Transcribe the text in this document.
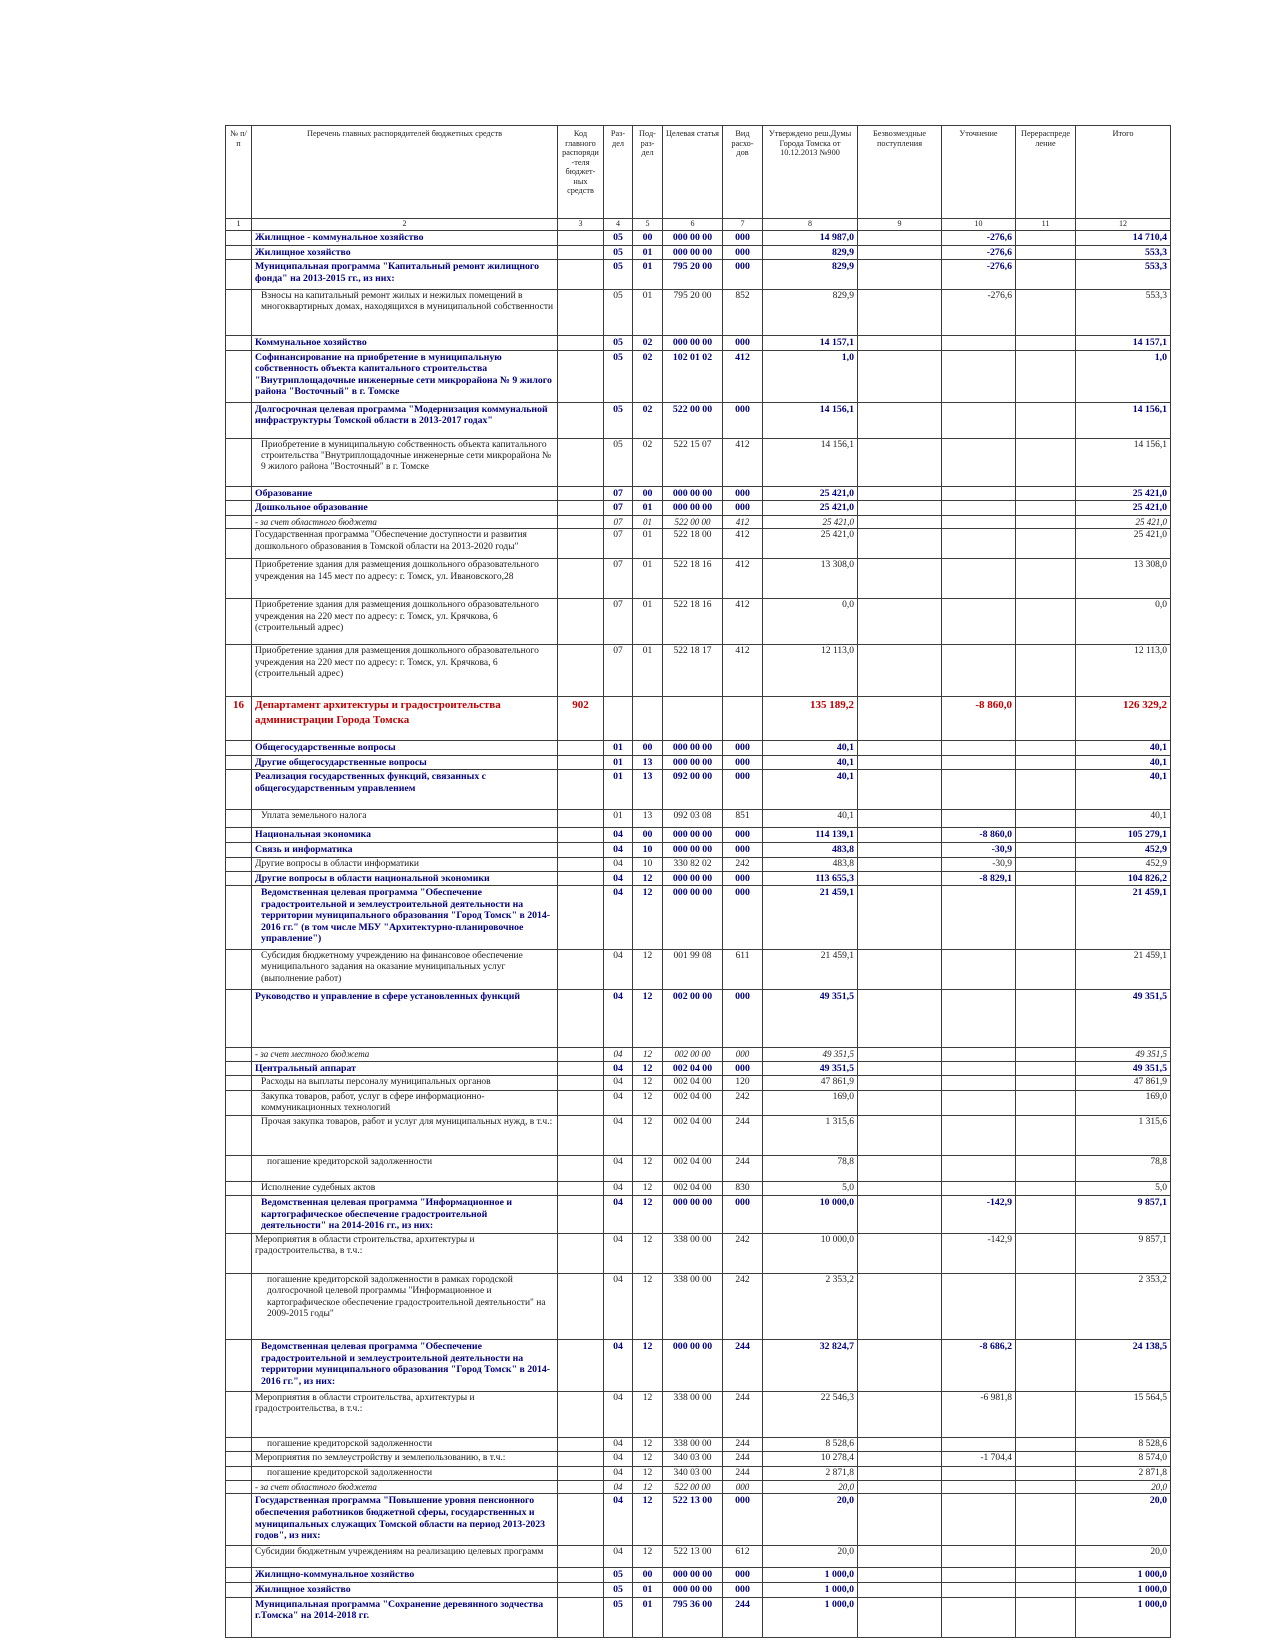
№ п/п	Перечень главных распорядителей бюджетных средств	Код главного распоряди-теля бюджет-ных средств	Раз-дел	Под-раз-дел	Целевая статья	Вид расхо-дов	Утверждено реш.Думы Города Томска от 10.12.2013 №900	Безвозмездные поступления	Уточнение	Перераспределение	Итого
1	2	3	4	5	6	7	8	9	10	11	12
	Жилищное - коммунальное хозяйство		05	00	000 00 00	000	14 987,0		-276,6		14 710,4
	Жилищное хозяйство		05	01	000 00 00	000	829,9		-276,6		553,3
	Муниципальная программа "Капитальный ремонт жилищного фонда" на 2013-2015 гг., из них:		05	01	795 20 00	000	829,9		-276,6		553,3
	Взносы на капитальный ремонт жилых и нежилых помещений в многоквартирных домах, находящихся в муниципальной собственности		05	01	795 20 00	852	829,9		-276,6		553,3
	Коммунальное хозяйство		05	02	000 00 00	000	14 157,1				14 157,1
	Софинансирование на приобретение в муниципальную собственность объекта капитального строительства "Внутриплощадочные инженерные сети микрорайона № 9 жилого района "Восточный" в г. Томске		05	02	102 01 02	412	1,0				1,0
	Долгосрочная целевая программа "Модернизация коммунальной инфраструктуры Томской области в 2013-2017 годах"		05	02	522 00 00	000	14 156,1				14 156,1
	Приобретение в муниципальную собственность объекта капитального строительства "Внутриплощадочные инженерные сети микрорайона № 9 жилого района "Восточный" в г. Томске		05	02	522 15 07	412	14 156,1				14 156,1
	Образование		07	00	000 00 00	000	25 421,0				25 421,0
	Дошкольное образование		07	01	000 00 00	000	25 421,0				25 421,0
	- за счет областного бюджета		07	01	522 00 00	412	25 421,0				25 421,0
	Государственная программа "Обеспечение доступности и развития дошкольного образования в Томской области на 2013-2020 годы"		07	01	522 18 00	412	25 421,0				25 421,0
	Приобретение здания для размещения дошкольного образовательного учреждения на 145 мест по адресу: г. Томск, ул. Ивановского,28		07	01	522 18 16	412	13 308,0				13 308,0
	Приобретение здания для размещения дошкольного образовательного учреждения на 220 мест по адресу: г. Томск, ул. Крячкова, 6 (строительный адрес)		07	01	522 18 16	412	0,0				0,0
	Приобретение здания для размещения дошкольного образовательного учреждения на 220 мест по адресу: г. Томск, ул. Крячкова, 6 (строительный адрес)		07	01	522 18 17	412	12 113,0				12 113,0
16	Департамент архитектуры и градостроительства администрации Города Томска	902					135 189,2		-8 860,0		126 329,2
	Общегосударственные вопросы		01	00	000 00 00	000	40,1				40,1
	Другие общегосударственные вопросы		01	13	000 00 00	000	40,1				40,1
	Реализация государственных функций, связанных с общегосударственным управлением		01	13	092 00 00	000	40,1				40,1
	Уплата земельного налога		01	13	092 03 08	851	40,1				40,1
	Национальная экономика		04	00	000 00 00	000	114 139,1		-8 860,0		105 279,1
	Связь и информатика		04	10	000 00 00	000	483,8		-30,9		452,9
	Другие вопросы в области информатики		04	10	330 82 02	242	483,8		-30,9		452,9
	Другие вопросы в области национальной экономики		04	12	000 00 00	000	113 655,3		-8 829,1		104 826,2
	Ведомственная целевая программа "Обеспечение градостроительной и землеустроительной деятельности на территории муниципального образования "Город Томск" в 2014-2016 гг." (в том числе МБУ "Архитектурно-планировочное управление")		04	12	000 00 00	000	21 459,1				21 459,1
	Субсидия бюджетному учреждению на финансовое обеспечение муниципального задания на оказание муниципальных услуг (выполнение работ)		04	12	001 99 08	611	21 459,1				21 459,1
	Руководство и управление в сфере установленных функций		04	12	002 00 00	000	49 351,5				49 351,5
	- за счет местного бюджета		04	12	002 00 00	000	49 351,5				49 351,5
	Центральный аппарат		04	12	002 04 00	000	49 351,5				49 351,5
	Расходы на выплаты персоналу муниципальных органов		04	12	002 04 00	120	47 861,9				47 861,9
	Закупка товаров, работ, услуг в сфере информационно-коммуникационных технологий		04	12	002 04 00	242	169,0				169,0
	Прочая закупка товаров, работ и услуг для муниципальных нужд, в т.ч.:		04	12	002 04 00	244	1 315,6				1 315,6
	погашение кредиторской задолженности		04	12	002 04 00	244	78,8				78,8
	Исполнение судебных актов		04	12	002 04 00	830	5,0				5,0
	Ведомственная целевая программа "Информационное и картографическое обеспечение градостроительной деятельности" на 2014-2016 гг., из них:		04	12	000 00 00	000	10 000,0		-142,9		9 857,1
	Мероприятия в области строительства, архитектуры и градостроительства, в т.ч.:		04	12	338 00 00	242	10 000,0		-142,9		9 857,1
	погашение кредиторской задолженности в рамках городской долгосрочной целевой программы "Информационное и картографическое обеспечение градостроительной деятельности" на 2009-2015 годы"		04	12	338 00 00	242	2 353,2				2 353,2
	Ведомственная целевая программа "Обеспечение градостроительной и землеустроительной деятельности на территории муниципального образования "Город Томск" в 2014-2016 гг.", из них:		04	12	000 00 00	244	32 824,7		-8 686,2		24 138,5
	Мероприятия в области строительства, архитектуры и градостроительства, в т.ч.:		04	12	338 00 00	244	22 546,3		-6 981,8		15 564,5
	погашение кредиторской задолженности		04	12	338 00 00	244	8 528,6				8 528,6
	Мероприятия по землеустройству и землепользованию, в т.ч.:		04	12	340 03 00	244	10 278,4		-1 704,4		8 574,0
	погашение кредиторской задолженности		04	12	340 03 00	244	2 871,8				2 871,8
	- за счет областного бюджета		04	12	522 00 00	000	20,0				20,0
	Государственная программа "Повышение уровня пенсионного обеспечения работников бюджетной сферы, государственных и муниципальных служащих Томской области на период 2013-2023 годов", из них:		04	12	522 13 00	000	20,0				20,0
	Субсидии бюджетным учреждениям на реализацию целевых программ		04	12	522 13 00	612	20,0				20,0
	Жилищно-коммунальное хозяйство		05	00	000 00 00	000	1 000,0				1 000,0
	Жилищное хозяйство		05	01	000 00 00	000	1 000,0				1 000,0
	Муниципальная программа "Сохранение деревянного зодчества г.Томска" на 2014-2018 гг.		05	01	795 36 00	244	1 000,0				1 000,0
